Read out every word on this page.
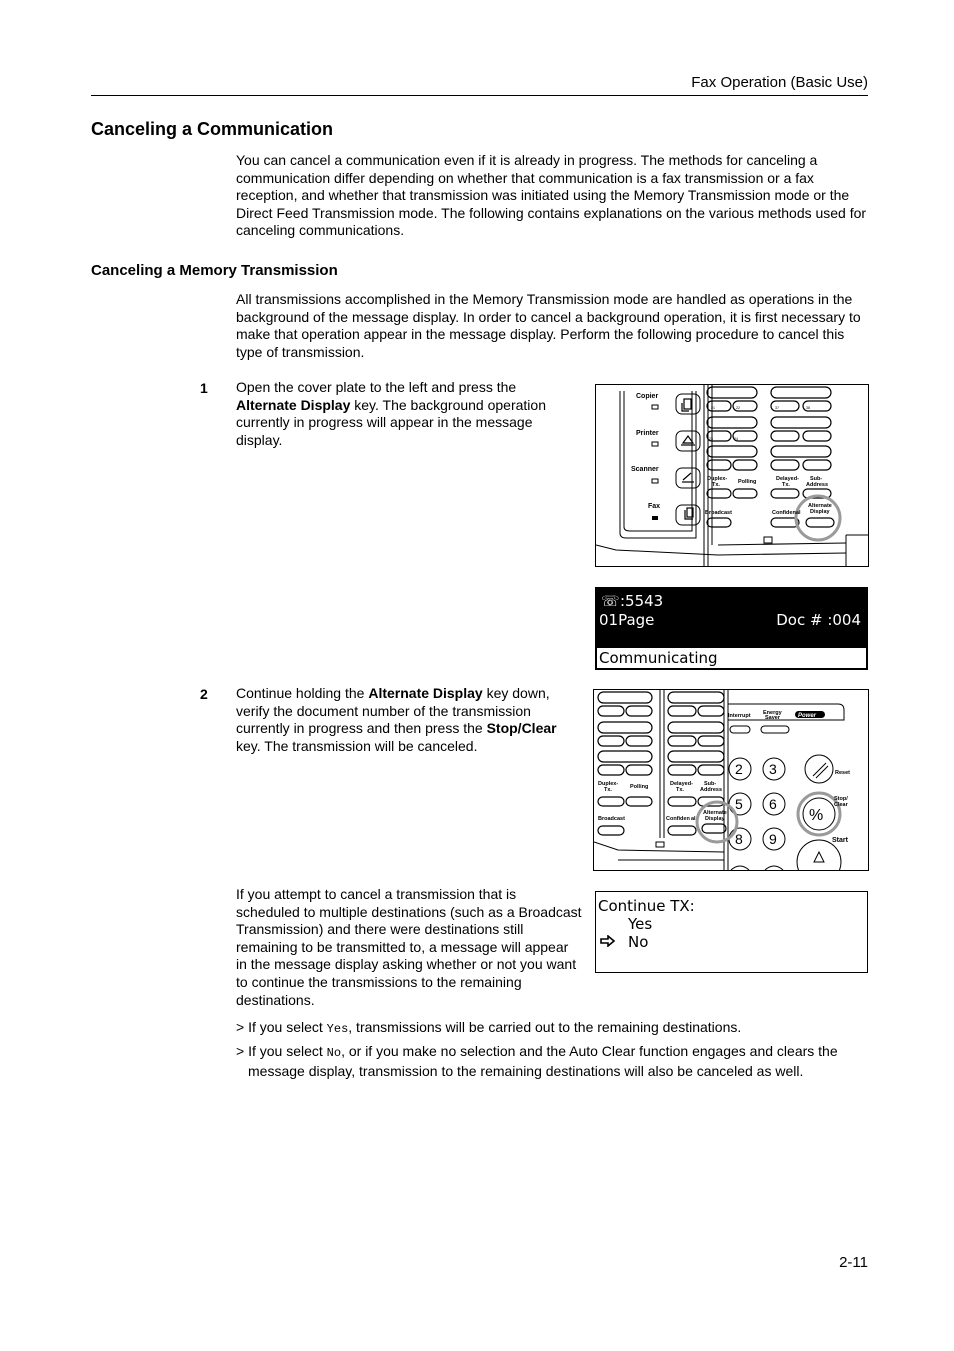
Fax Operation (Basic Use)
Canceling a Communication
You can cancel a communication even if it is already in progress. The methods for canceling a communication differ depending on whether that communication is a fax transmission or a fax reception, and whether that transmission was initiated using the Memory Transmission mode or the Direct Feed Transmission mode. The following contains explanations on the various methods used for canceling communications.
Canceling a Memory Transmission
All transmissions accomplished in the Memory Transmission mode are handled as operations in the background of the message display. In order to cancel a background operation, it is first necessary to make that operation appear in the message display. Perform the following procedure to cancel this type of transmission.
1 Open the cover plate to the left and press the Alternate Display key. The background operation currently in progress will appear in the message display.
Copier
Printer
Scanner
Fax
Duplex-Tx.	Polling	Delayed-Tx.
Sub-Address
Broadcast	Confiden al
Alternate Display
21	22
23	24
37	38
☏ :5543
01Page	Doc # :004
Communicating
2 Continue holding the Alternate Display key down, verify the document number of the transmission currently in progress and then press the Stop/Clear key. The transmission will be canceled.
Interrupt Energy Saver
Reset
Stop/ Clear
Start
Duplex-Tx.	Polling	Delayed-Tx.
Sub-Address
Broadcast	Confiden al
Alternate Display
Power
2 3
5 6
8 9
%
If you attempt to cancel a transmission that is scheduled to multiple destinations (such as a Broadcast Transmission) and there were destinations still remaining to be transmitted to, a message will appear in the message display asking whether or not you want to continue the transmissions to the remaining destinations.
Continue TX:
Yes
No
> If you select Yes, transmissions will be carried out to the remaining destinations.
> If you select No, or if you make no selection and the Auto Clear function engages and clears the message display, transmission to the remaining destinations will also be canceled as well.
2-11
